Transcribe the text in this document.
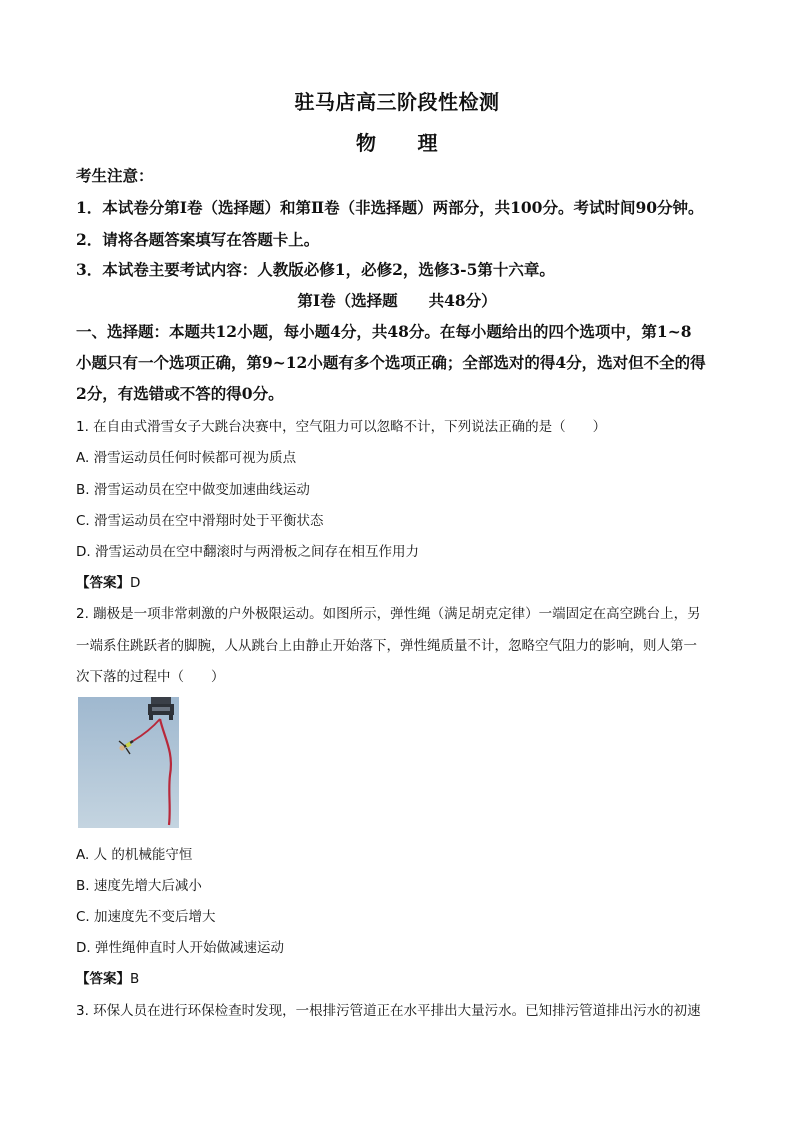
驻马店高三阶段性检测
物　　理
考生注意：
1．本试卷分第Ⅰ卷（选择题）和第Ⅱ卷（非选择题）两部分，共100分。考试时间90分钟。
2．请将各题答案填写在答题卡上。
3．本试卷主要考试内容：人教版必修1，必修2，选修3-5第十六章。
第Ⅰ卷（选择题　　共48分）
一、选择题：本题共12小题，每小题4分，共48分。在每小题给出的四个选项中，第1~8
小题只有一个选项正确，第9~12小题有多个选项正确；全部选对的得4分，选对但不全的得
2分，有选错或不答的得0分。
1. 在自由式滑雪女子大跳台决赛中，空气阻力可以忽略不计，下列说法正确的是（　　）
A. 滑雪运动员任何时候都可视为质点
B. 滑雪运动员在空中做变加速曲线运动
C. 滑雪运动员在空中滑翔时处于平衡状态
D. 滑雪运动员在空中翻滚时与两滑板之间存在相互作用力
【答案】D
2. 蹦极是一项非常刺激的户外极限运动。如图所示，弹性绳（满足胡克定律）一端固定在高空跳台上，另
一端系住跳跃者的脚腕，人从跳台上由静止开始落下，弹性绳质量不计，忽略空气阻力的影响，则人第一
次下落的过程中（　　）
A. 人 的机械能守恒
B. 速度先增大后减小
C. 加速度先不变后增大
D. 弹性绳伸直时人开始做减速运动
【答案】B
3. 环保人员在进行环保检查时发现，一根排污管道正在水平排出大量污水。已知排污管道排出污水的初速
